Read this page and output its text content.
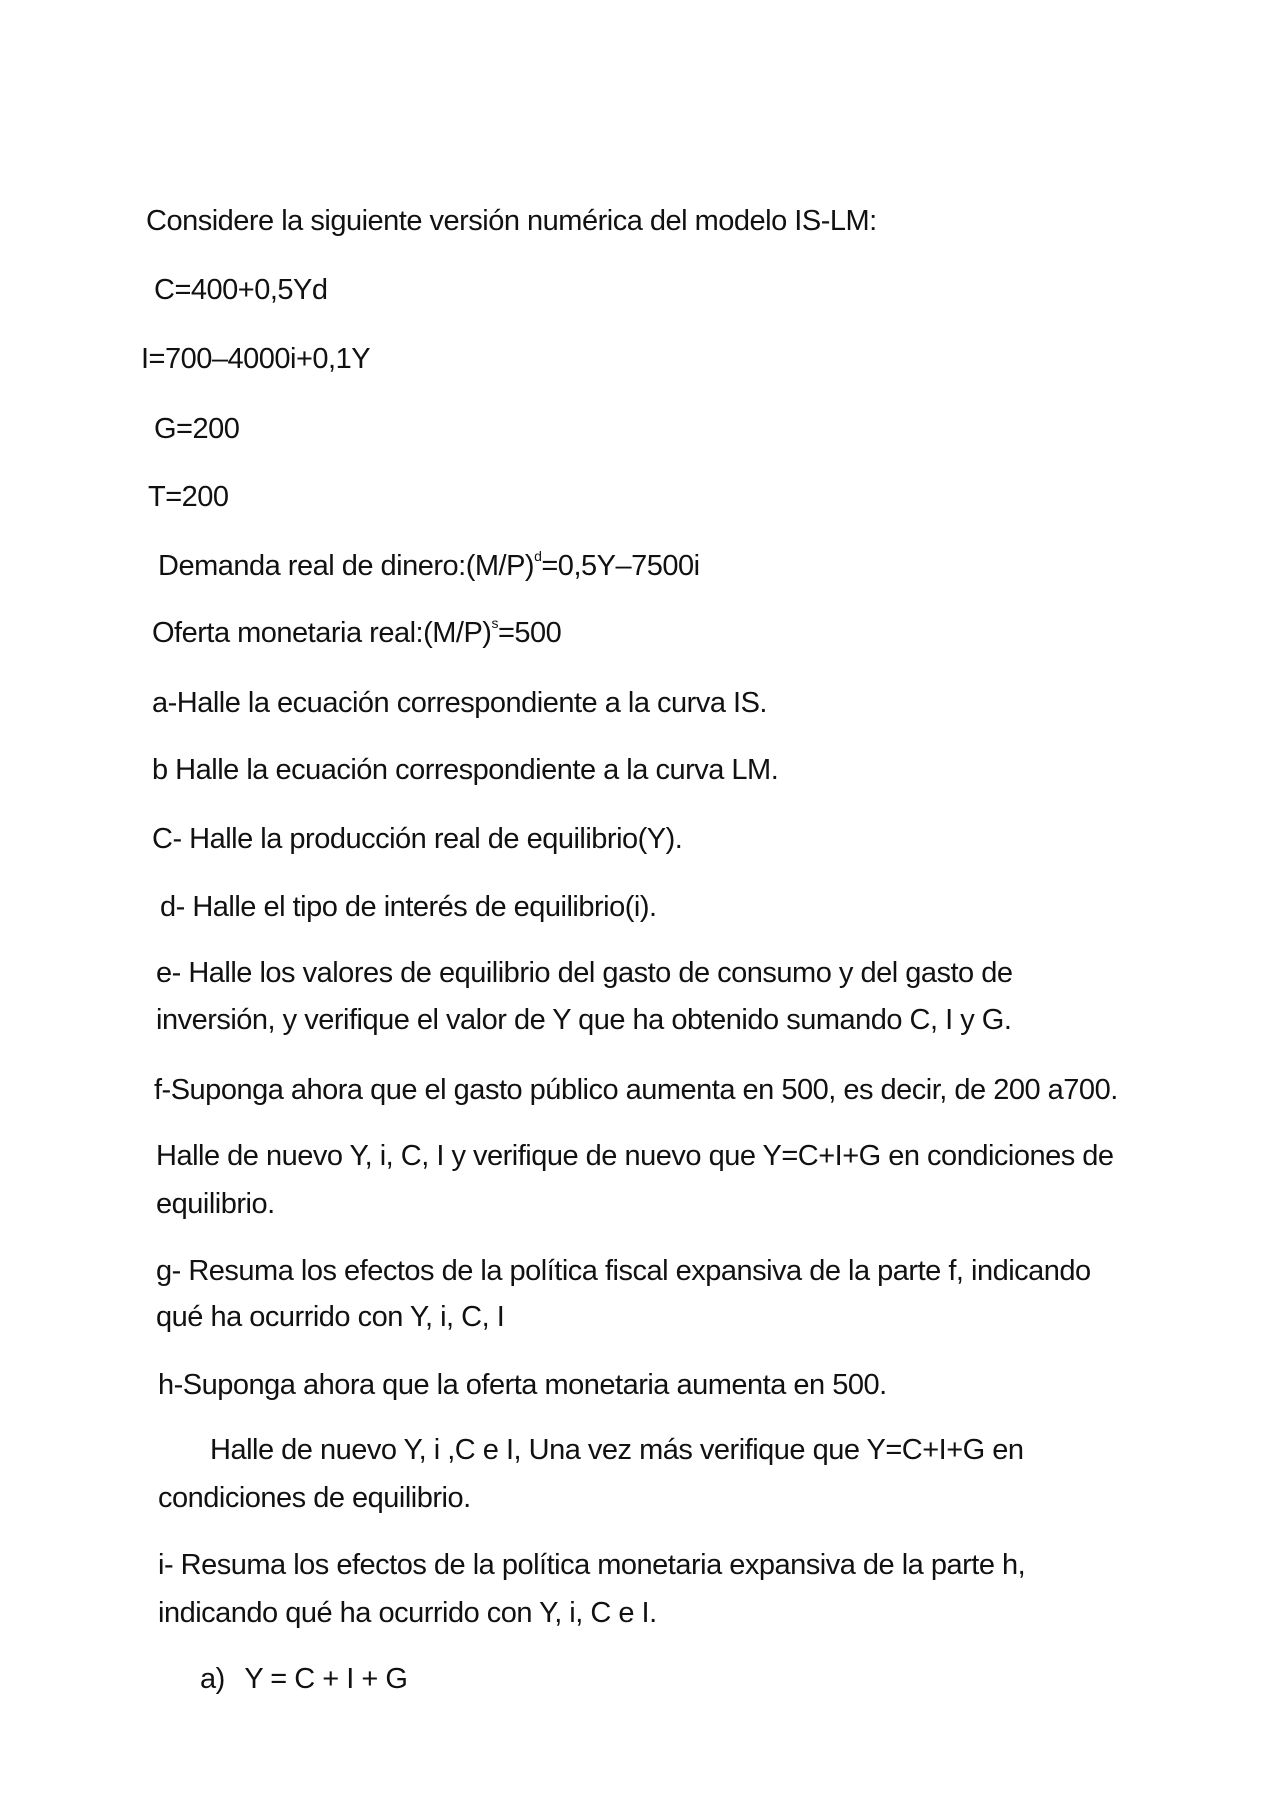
Considere la siguiente versión numérica del modelo IS-LM:
C=400+0,5Yd
I=700–4000i+0,1Y
G=200
T=200
Demanda real de $dinero:(M/P)^d=0,5Y-7500i$
Oferta monetaria $real:(M/P)^s=500$
a-Halle la ecuación correspondiente a la curva IS.
b Halle la ecuación correspondiente a la curva LM.
C- Halle la producción real de equilibrio(Y).
d- Halle el tipo de interés de equilibrio(i).
e- Halle los valores de equilibrio del gasto de consumo y del gasto de
inversión, y verifique el valor de Y que ha obtenido sumando C, I y G.
f-Suponga ahora que el gasto público aumenta en 500, es decir, de 200 a700.
Halle de nuevo Y, i, C, I y verifique de nuevo que Y=C+I+G en condiciones de
equilibrio.
g- Resuma los efectos de la política fiscal expansiva de la parte f, indicando
qué ha ocurrido con Y, i, C, I
h-Suponga ahora que la oferta monetaria aumenta en 500.
Halle de nuevo Y, i ,C e I, Una vez más verifique que Y=C+I+G en
condiciones de equilibrio.
i- Resuma los efectos de la política monetaria expansiva de la parte h,
indicando qué ha ocurrido con Y, i, C e I.
a) Y = C + I + G
